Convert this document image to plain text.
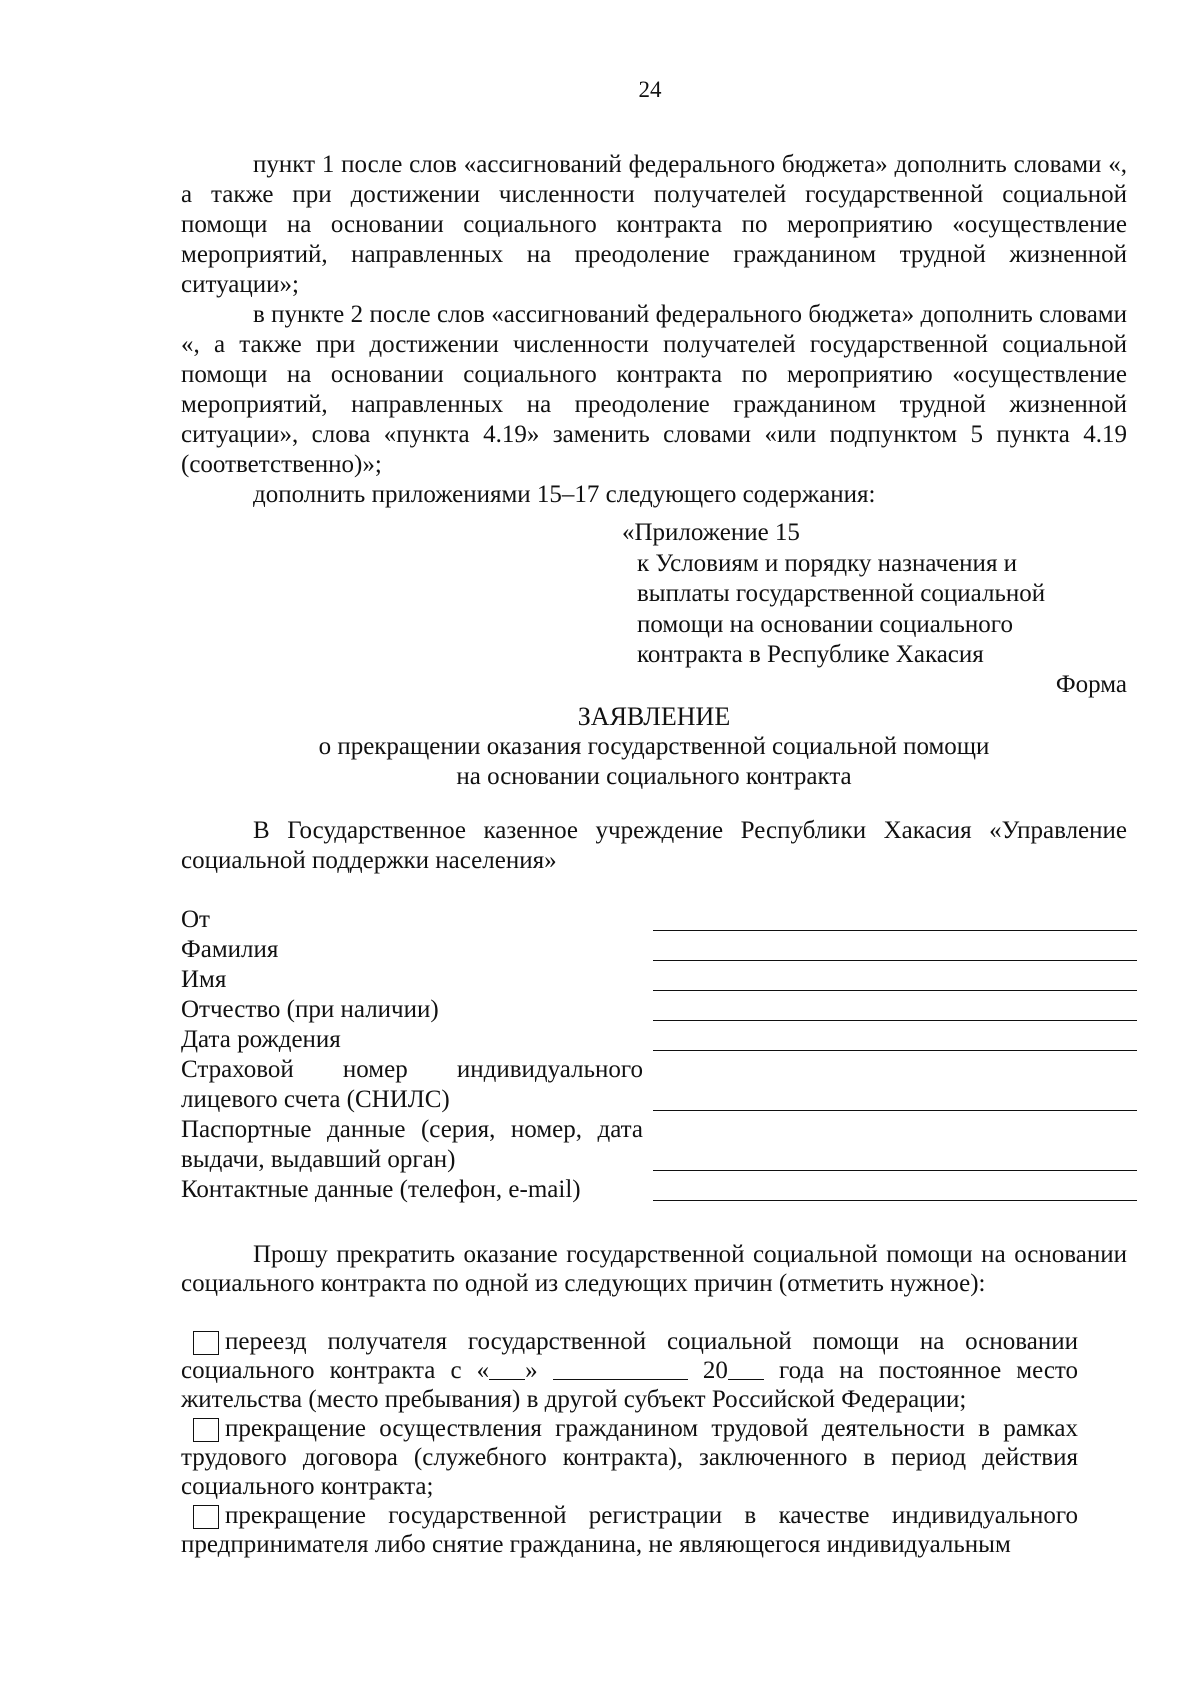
24

пункт 1 после слов «ассигнований федерального бюджета» дополнить словами «, а также при достижении численности получателей государственной социальной помощи на основании социального контракта по мероприятию «осуществление мероприятий, направленных на преодоление гражданином трудной жизненной ситуации»;

в пункте 2 после слов «ассигнований федерального бюджета» дополнить словами «, а также при достижении численности получателей государственной социальной помощи на основании социального контракта по мероприятию «осуществление мероприятий, направленных на преодоление гражданином трудной жизненной ситуации», слова «пункта 4.19» заменить словами «или подпунктом 5 пункта 4.19 (соответственно)»;

дополнить приложениями 15–17 следующего содержания:

«Приложение 15
к Условиям и порядку назначения и
выплаты государственной социальной
помощи на основании социального
контракта в Республике Хакасия
Форма
ЗАЯВЛЕНИЕ
о прекращении оказания государственной социальной помощи
на основании социального контракта

В Государственное казенное учреждение Республики Хакасия «Управление социальной поддержки населения»

От
Фамилия
Имя
Отчество (при наличии)
Дата рождения
Страховой номер индивидуального лицевого счета (СНИЛС)
Паспортные данные (серия, номер, дата выдачи, выдавший орган)
Контактные данные (телефон, e-mail)

Прошу прекратить оказание государственной социальной помощи на основании социального контракта по одной из следующих причин (отметить нужное):

переезд получателя государственной социальной помощи на основании социального контракта с « »	20 года на постоянное место жительства (место пребывания) в другой субъект Российской Федерации;

прекращение осуществления гражданином трудовой деятельности в рамках трудового договора (служебного контракта), заключенного в период действия социального контракта;

прекращение государственной регистрации в качестве индивидуального предпринимателя либо снятие гражданина, не являющегося индивидуальным
